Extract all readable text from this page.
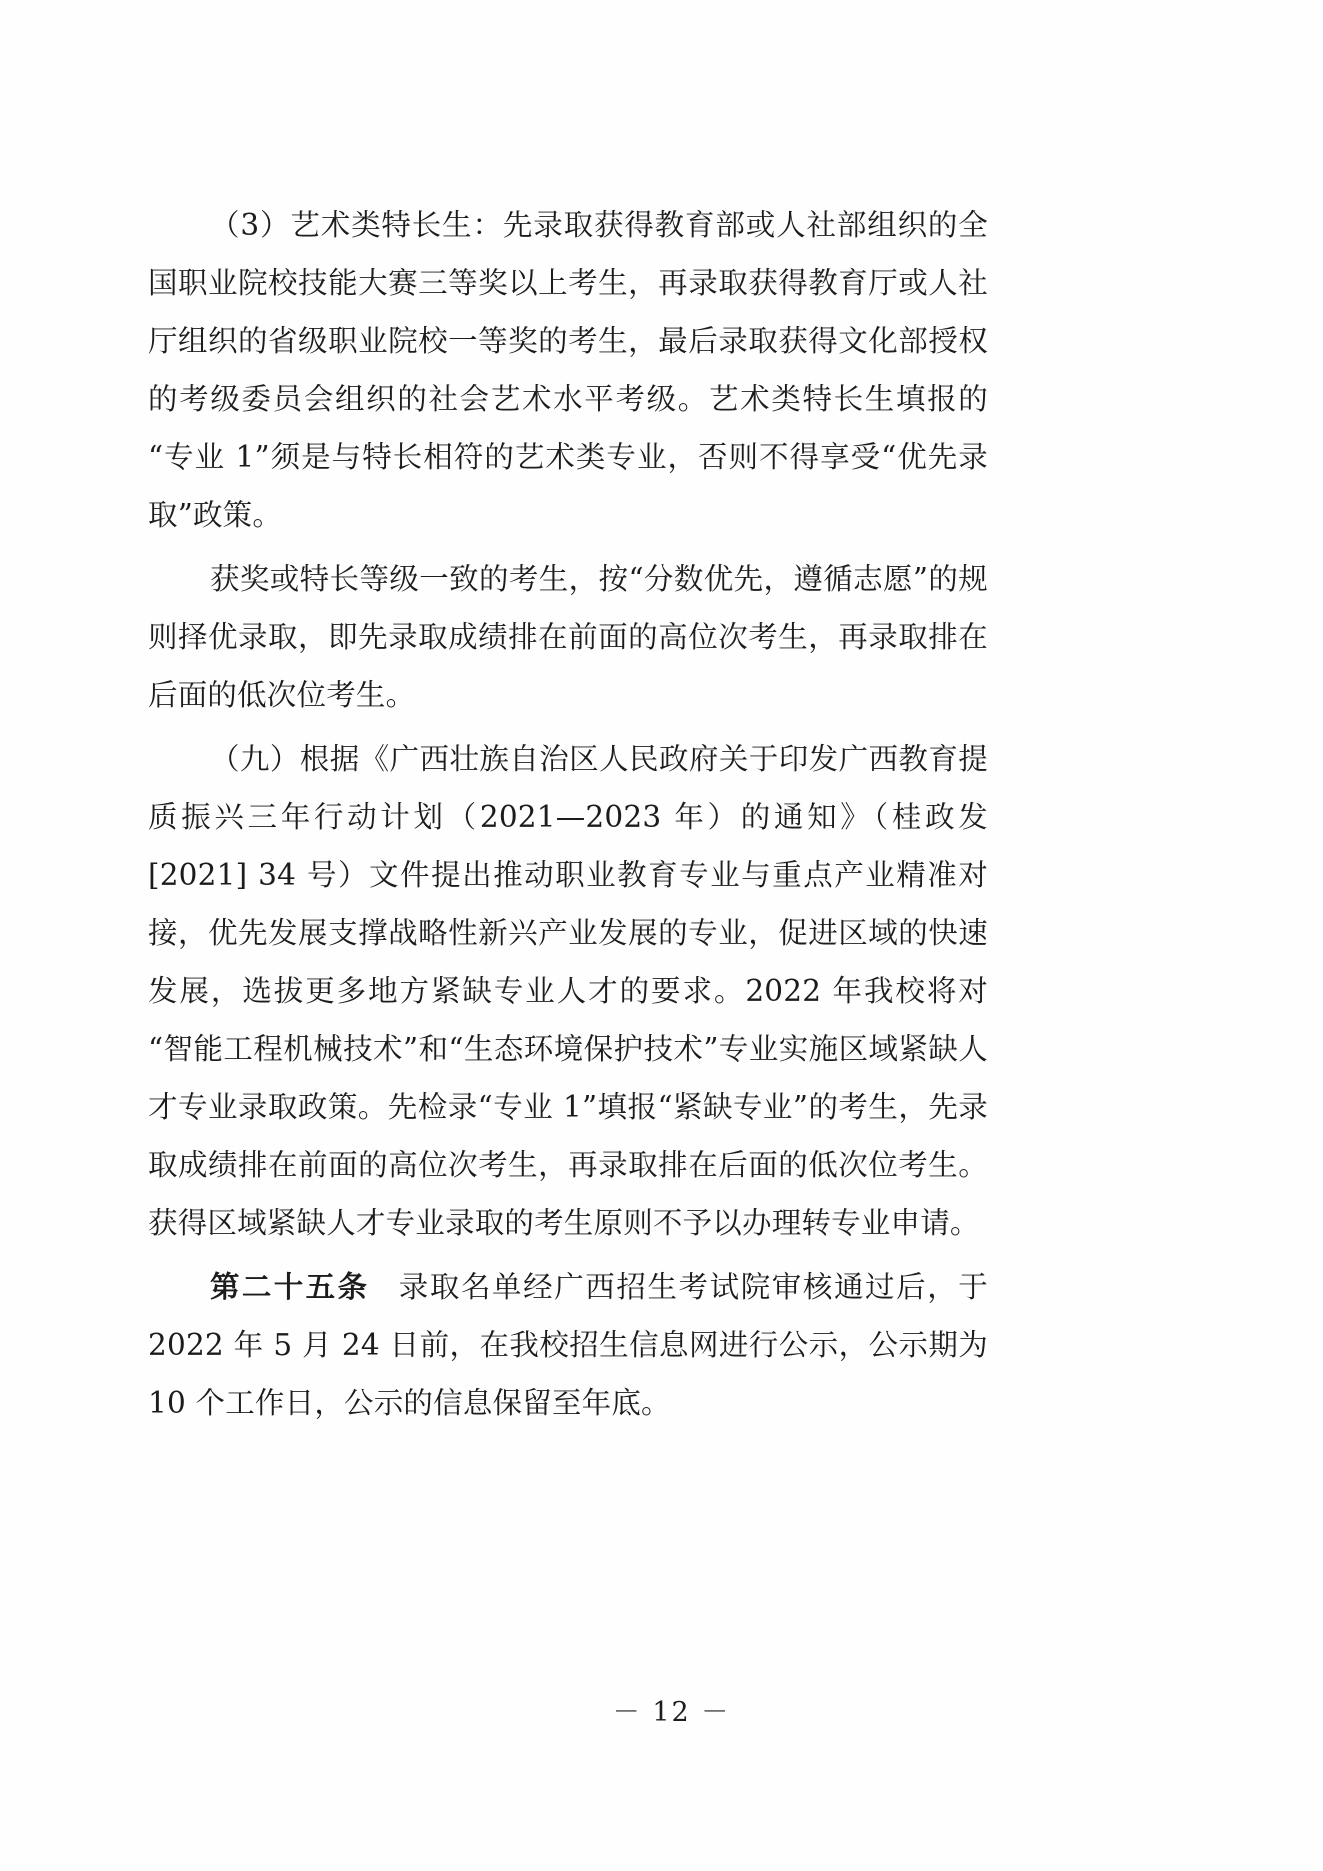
（3）艺术类特长生：先录取获得教育部或人社部组织的全国职业院校技能大赛三等奖以上考生，再录取获得教育厅或人社厅组织的省级职业院校一等奖的考生，最后录取获得文化部授权的考级委员会组织的社会艺术水平考级。艺术类特长生填报的“专业 1”须是与特长相符的艺术类专业，否则不得享受“优先录取”政策。

获奖或特长等级一致的考生，按“分数优先，遵循志愿”的规则择优录取，即先录取成绩排在前面的高位次考生，再录取排在后面的低次位考生。

（九）根据《广西壮族自治区人民政府关于印发广西教育提质振兴三年行动计划（2021—2023 年）的通知》（桂政发 [2021] 34 号）文件提出推动职业教育专业与重点产业精准对接，优先发展支撑战略性新兴产业发展的专业，促进区域的快速发展，选拔更多地方紧缺专业人才的要求。2022 年我校将对“智能工程机械技术”和“生态环境保护技术”专业实施区域紧缺人才专业录取政策。先检录“专业 1”填报“紧缺专业”的考生，先录取成绩排在前面的高位次考生，再录取排在后面的低次位考生。获得区域紧缺人才专业录取的考生原则不予以办理转专业申请。

第二十五条 录取名单经广西招生考试院审核通过后，于 2022 年 5 月 24 日前，在我校招生信息网进行公示，公示期为 10 个工作日，公示的信息保留至年底。

－ 12 －
